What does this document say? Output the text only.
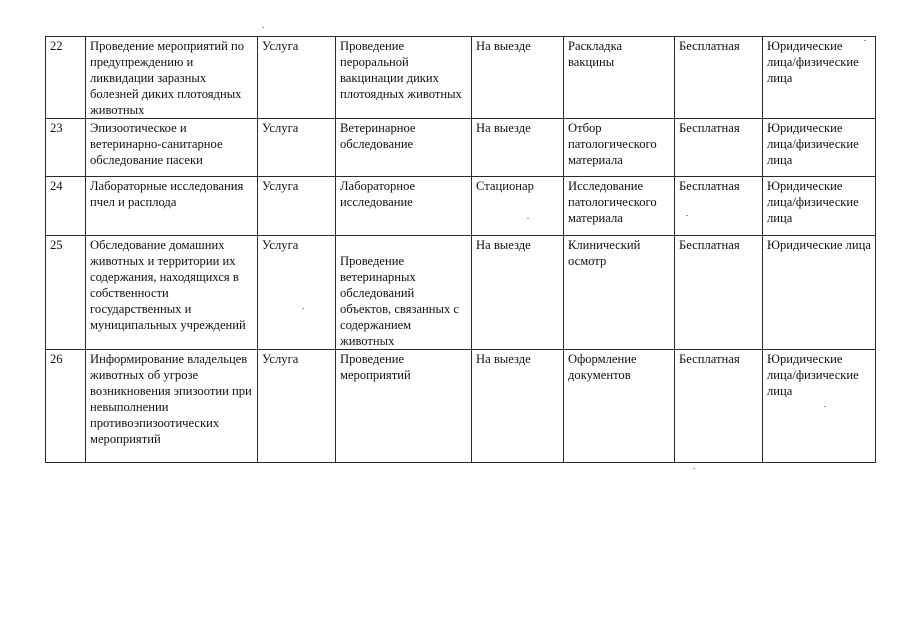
22	Проведение мероприятий по предупреждению и ликвидации заразных болезней диких плотоядных животных	Услуга	Проведение пероральной вакцинации диких плотоядных животных	На выезде	Раскладка вакцины	Бесплатная	Юридические лица/физические лица
23	Эпизоотическое и ветеринарно-санитарное обследование пасеки	Услуга	Ветеринарное обследование	На выезде	Отбор патологического материала	Бесплатная	Юридические лица/физические лица
24	Лабораторные исследования пчел и расплода	Услуга	Лабораторное исследование	Стационар	Исследование патологического материала	Бесплатная	Юридические лица/физические лица
25	Обследование домашних животных и территории их содержания, находящихся в собственности государственных и муниципальных учреждений	Услуга	Проведение ветеринарных обследований объектов, связанных с содержанием животных	На выезде	Клинический осмотр	Бесплатная	Юридические лица
26	Информирование владельцев животных об угрозе возникновения эпизоотии при невыполнении противоэпизоотических мероприятий	Услуга	Проведение мероприятий	На выезде	Оформление документов	Бесплатная	Юридические лица/физические лица
